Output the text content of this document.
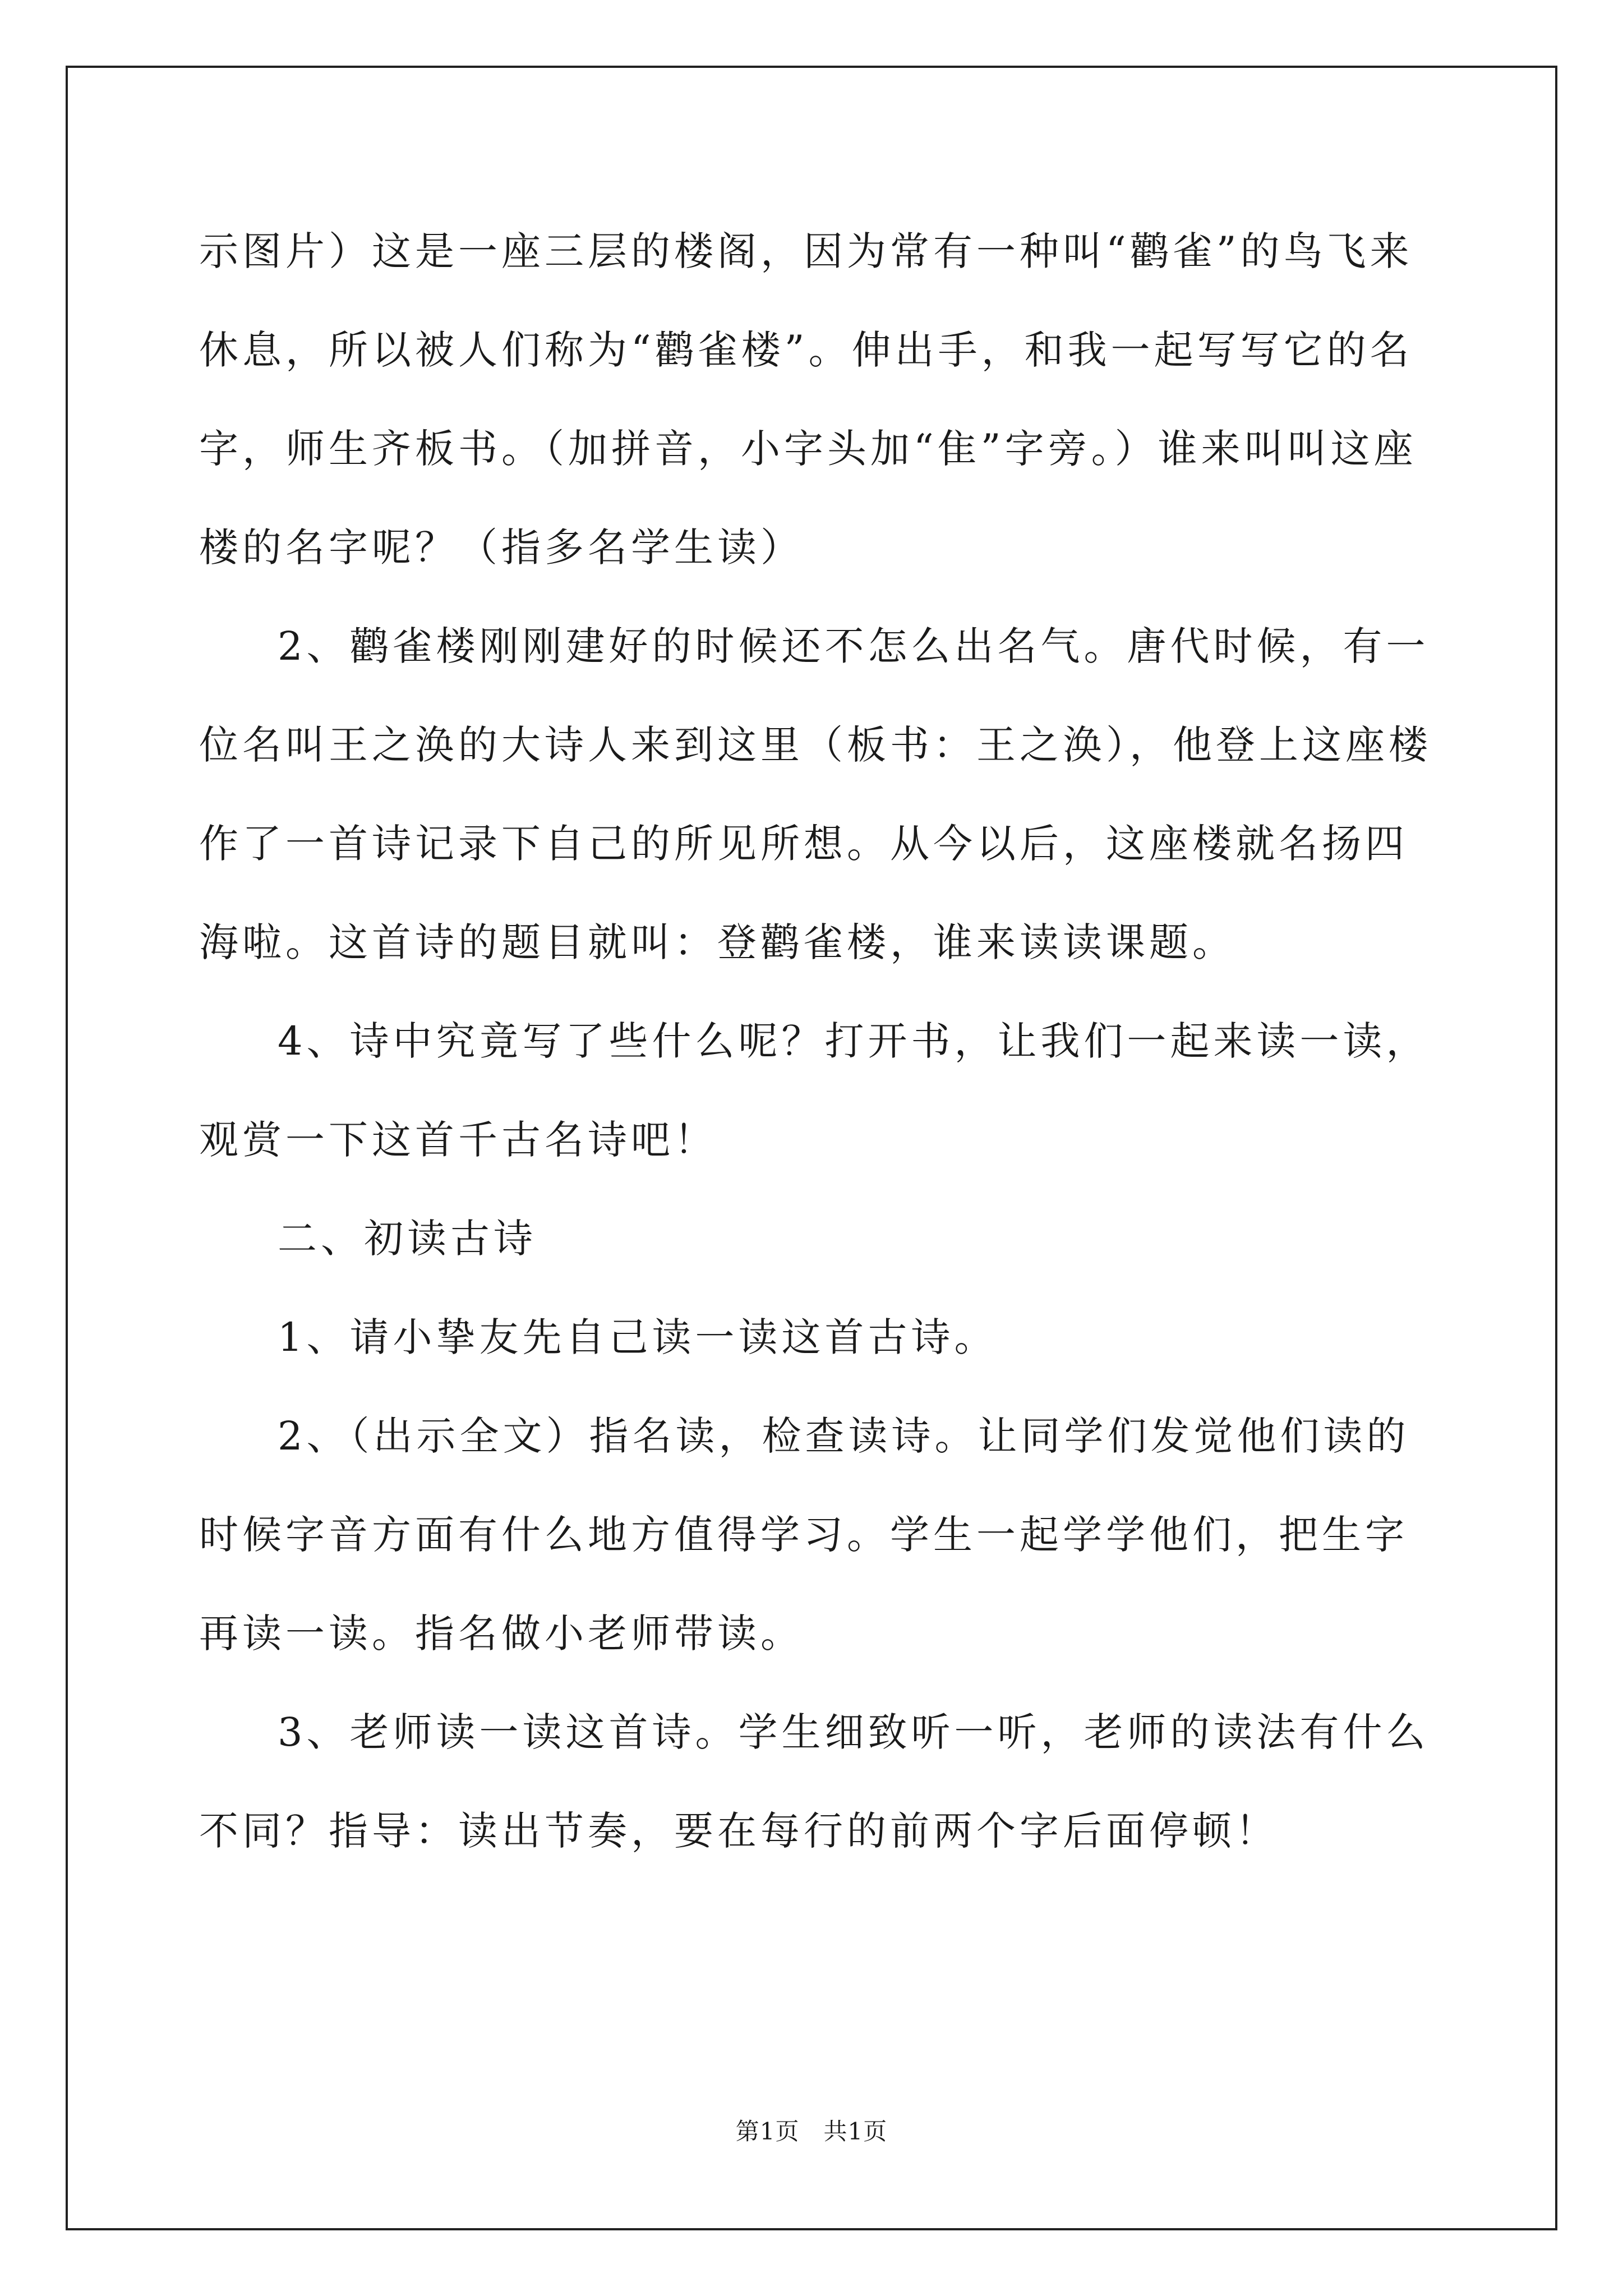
示图片）这是一座三层的楼阁，因为常有一种叫“鹳雀”的鸟飞来休息，所以被人们称为“鹳雀楼”。伸出手，和我一起写写它的名字，师生齐板书。（加拼音，小字头加“隹”字旁。）谁来叫叫这座楼的名字呢？（指多名学生读）

2、鹳雀楼刚刚建好的时候还不怎么出名气。唐代时候，有一位名叫王之涣的大诗人来到这里（板书：王之涣），他登上这座楼作了一首诗记录下自己的所见所想。从今以后，这座楼就名扬四海啦。这首诗的题目就叫：登鹳雀楼，谁来读读课题。

4、诗中究竟写了些什么呢？打开书，让我们一起来读一读，观赏一下这首千古名诗吧！

二、初读古诗

1、请小挚友先自己读一读这首古诗。

2、（出示全文）指名读，检查读诗。让同学们发觉他们读的时候字音方面有什么地方值得学习。学生一起学学他们，把生字再读一读。指名做小老师带读。

3、老师读一读这首诗。学生细致听一听，老师的读法有什么不同？指导：读出节奏，要在每行的前两个字后面停顿！

第1页　共1页
